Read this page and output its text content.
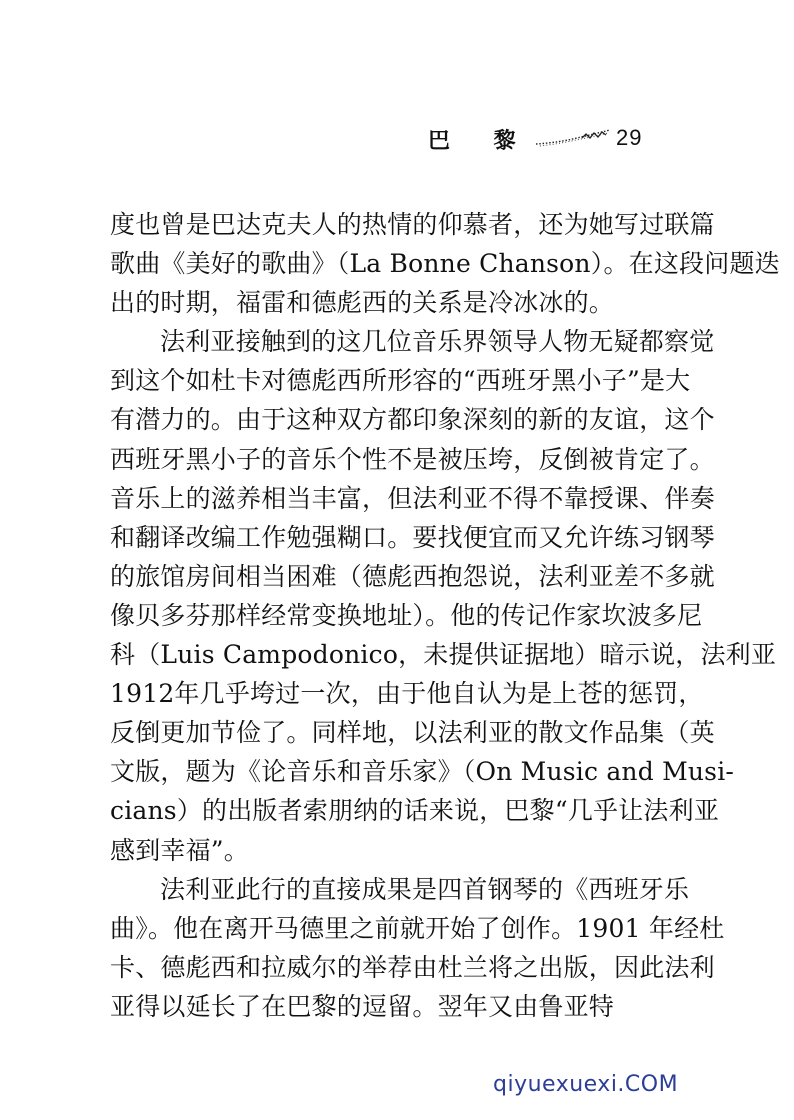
巴 黎	29
度也曾是巴达克夫人的热情的仰慕者，还为她写过联篇
歌曲《美好的歌曲》（La Bonne Chanson）。在这段问题迭
出的时期，福雷和德彪西的关系是冷冰冰的。
法利亚接触到的这几位音乐界领导人物无疑都察觉
到这个如杜卡对德彪西所形容的“西班牙黑小子”是大
有潜力的。由于这种双方都印象深刻的新的友谊，这个
西班牙黑小子的音乐个性不是被压垮，反倒被肯定了。
音乐上的滋养相当丰富，但法利亚不得不靠授课、伴奏
和翻译改编工作勉强糊口。要找便宜而又允许练习钢琴
的旅馆房间相当困难（德彪西抱怨说，法利亚差不多就
像贝多芬那样经常变换地址）。他的传记作家坎波多尼
科（Luis Campodonico，未提供证据地）暗示说，法利亚
1912年几乎垮过一次，由于他自认为是上苍的惩罚，
反倒更加节俭了。同样地，以法利亚的散文作品集（英
文版，题为《论音乐和音乐家》（On Music and Musi-
cians）的出版者索朋纳的话来说，巴黎“几乎让法利亚
感到幸福”。
法利亚此行的直接成果是四首钢琴的《西班牙乐
曲》。他在离开马德里之前就开始了创作。1901 年经杜
卡、德彪西和拉威尔的举荐由杜兰将之出版，因此法利
亚得以延长了在巴黎的逗留。翌年又由鲁亚特
qiyuexuexi.COM
